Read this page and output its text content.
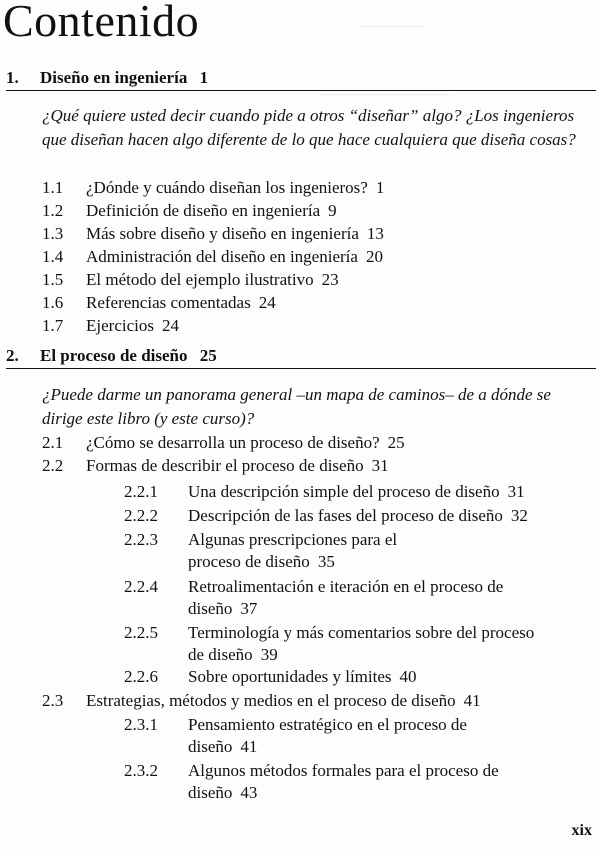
—————
——————————
Contenido
1. Diseño en ingeniería 1
¿Qué quiere usted decir cuando pide a otros “diseñar” algo? ¿Los ingenieros que diseñan hacen algo diferente de lo que hace cualquiera que diseña cosas?
1.1 ¿Dónde y cuándo diseñan los ingenieros? 1
1.2 Definición de diseño en ingeniería 9
1.3 Más sobre diseño y diseño en ingeniería 13
1.4 Administración del diseño en ingeniería 20
1.5 El método del ejemplo ilustrativo 23
1.6 Referencias comentadas 24
1.7 Ejercicios 24
2. El proceso de diseño 25
¿Puede darme un panorama general –un mapa de caminos– de a dónde se dirige este libro (y este curso)?
2.1 ¿Cómo se desarrolla un proceso de diseño? 25
2.2 Formas de describir el proceso de diseño 31
2.2.1 Una descripción simple del proceso de diseño 31
2.2.2 Descripción de las fases del proceso de diseño 32
2.2.3 Algunas prescripciones para el
proceso de diseño 35
2.2.4 Retroalimentación e iteración en el proceso de
diseño 37
2.2.5 Terminología y más comentarios sobre del proceso
de diseño 39
2.2.6 Sobre oportunidades y límites 40
2.3 Estrategias, métodos y medios en el proceso de diseño 41
2.3.1 Pensamiento estratégico en el proceso de
diseño 41
2.3.2 Algunos métodos formales para el proceso de
diseño 43
xix
